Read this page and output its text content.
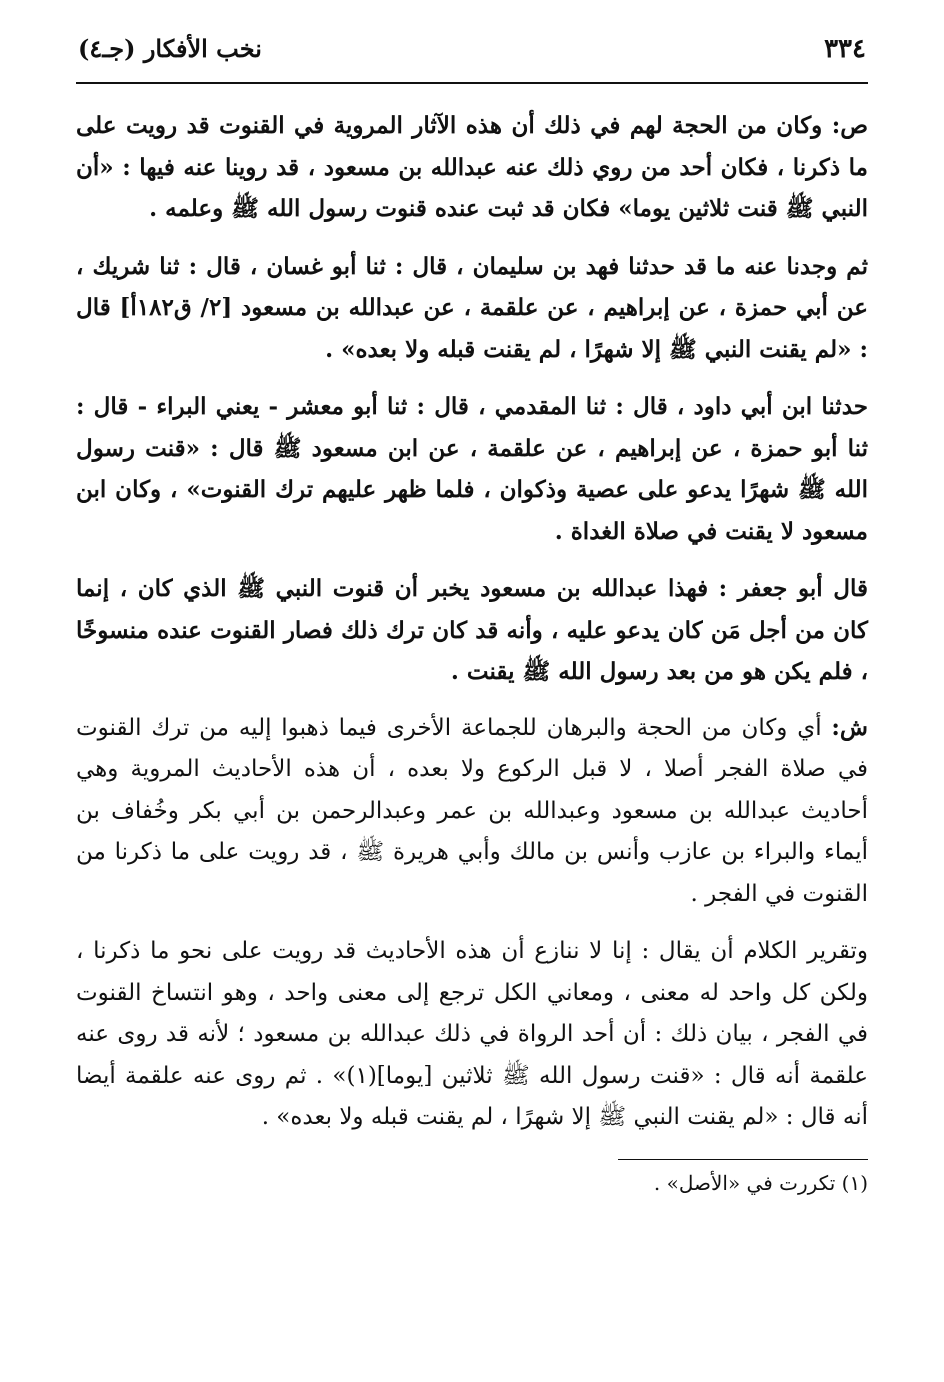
٣٣٤
نخب الأفكار (جـ٤)
ص: وكان من الحجة لهم في ذلك أن هذه الآثار المروية في القنوت قد رويت على ما ذكرنا ، فكان أحد من روي ذلك عنه عبدالله بن مسعود ، قد روينا عنه فيها : «أن النبي ﷺ قنت ثلاثين يوما» فكان قد ثبت عنده قنوت رسول الله ﷺ وعلمه .
ثم وجدنا عنه ما قد حدثنا فهد بن سليمان ، قال : ثنا أبو غسان ، قال : ثنا شريك ، عن أبي حمزة ، عن إبراهيم ، عن علقمة ، عن عبدالله بن مسعود [٢/ ق١٨٢أ] قال : «لم يقنت النبي ﷺ إلا شهرًا ، لم يقنت قبله ولا بعده» .
حدثنا ابن أبي داود ، قال : ثنا المقدمي ، قال : ثنا أبو معشر - يعني البراء - قال : ثنا أبو حمزة ، عن إبراهيم ، عن علقمة ، عن ابن مسعود ﷺ قال : «قنت رسول الله ﷺ شهرًا يدعو على عصية وذكوان ، فلما ظهر عليهم ترك القنوت» ، وكان ابن مسعود لا يقنت في صلاة الغداة .
قال أبو جعفر : فهذا عبدالله بن مسعود يخبر أن قنوت النبي ﷺ الذي كان ، إنما كان من أجل مَن كان يدعو عليه ، وأنه قد كان ترك ذلك فصار القنوت عنده منسوخًا ، فلم يكن هو من بعد رسول الله ﷺ يقنت .
ش: أي وكان من الحجة والبرهان للجماعة الأخرى فيما ذهبوا إليه من ترك القنوت في صلاة الفجر أصلا ، لا قبل الركوع ولا بعده ، أن هذه الأحاديث المروية وهي أحاديث عبدالله بن مسعود وعبدالله بن عمر وعبدالرحمن بن أبي بكر وخُفاف بن أيماء والبراء بن عازب وأنس بن مالك وأبي هريرة ﷺ ، قد رويت على ما ذكرنا من القنوت في الفجر .
وتقرير الكلام أن يقال : إنا لا ننازع أن هذه الأحاديث قد رويت على نحو ما ذكرنا ، ولكن كل واحد له معنى ، ومعاني الكل ترجع إلى معنى واحد ، وهو انتساخ القنوت في الفجر ، بيان ذلك : أن أحد الرواة في ذلك عبدالله بن مسعود ؛ لأنه قد روى عنه علقمة أنه قال : «قنت رسول الله ﷺ ثلاثين [يوما](١)» . ثم روى عنه علقمة أيضا أنه قال : «لم يقنت النبي ﷺ إلا شهرًا ، لم يقنت قبله ولا بعده» .
(١) تكررت في «الأصل» .
